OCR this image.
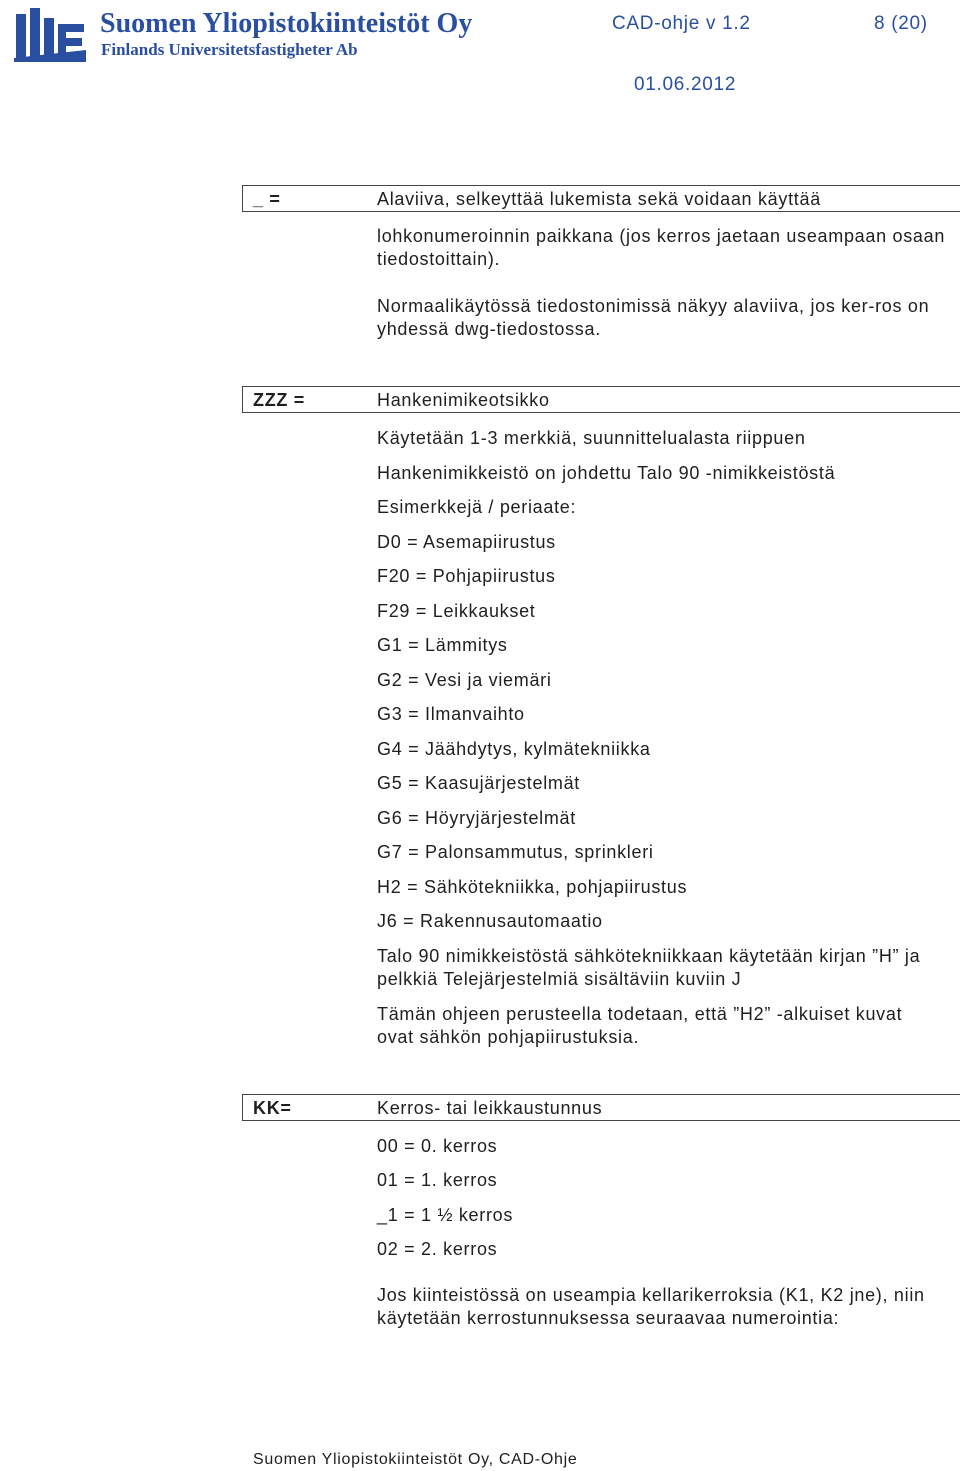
Suomen Yliopistokiinteistöt Oy
Finlands Universitetsfastigheter Ab
CAD-ohje v 1.2	8 (20)
01.06.2012
_ =	Alaviiva, selkeyttää lukemista sekä voidaan käyttää
lohkonumeroinnin paikkana (jos kerros jaetaan useampaan osaan tiedostoittain).
Normaalikäytössä tiedostonimissä näkyy alaviiva, jos ker-ros on yhdessä dwg-tiedostossa.
ZZZ =	Hankenimikeotsikko
Käytetään 1-3 merkkiä, suunnittelualasta riippuen
Hankenimikkeistö on johdettu Talo 90 -nimikkeistöstä
Esimerkkejä / periaate:
D0 = Asemapiirustus
F20 = Pohjapiirustus
F29 = Leikkaukset
G1 = Lämmitys
G2 = Vesi ja viemäri
G3 = Ilmanvaihto
G4 = Jäähdytys, kylmätekniikka
G5 = Kaasujärjestelmät
G6 = Höyryjärjestelmät
G7 = Palonsammutus, sprinkleri
H2 = Sähkötekniikka, pohjapiirustus
J6 = Rakennusautomaatio
Talo 90 nimikkeistöstä sähkötekniikkaan käytetään kirjan ”H” ja pelkkiä Telejärjestelmiä sisältäviin kuviin J
Tämän ohjeen perusteella todetaan, että ”H2” -alkuiset kuvat ovat sähkön pohjapiirustuksia.
KK=	Kerros- tai leikkaustunnus
00 = 0. kerros
01 = 1. kerros
_1 = 1 ½ kerros
02 = 2. kerros
Jos kiinteistössä on useampia kellarikerroksia (K1, K2 jne), niin käytetään kerrostunnuksessa seuraavaa numerointia:
Suomen Yliopistokiinteistöt Oy, CAD-Ohje
